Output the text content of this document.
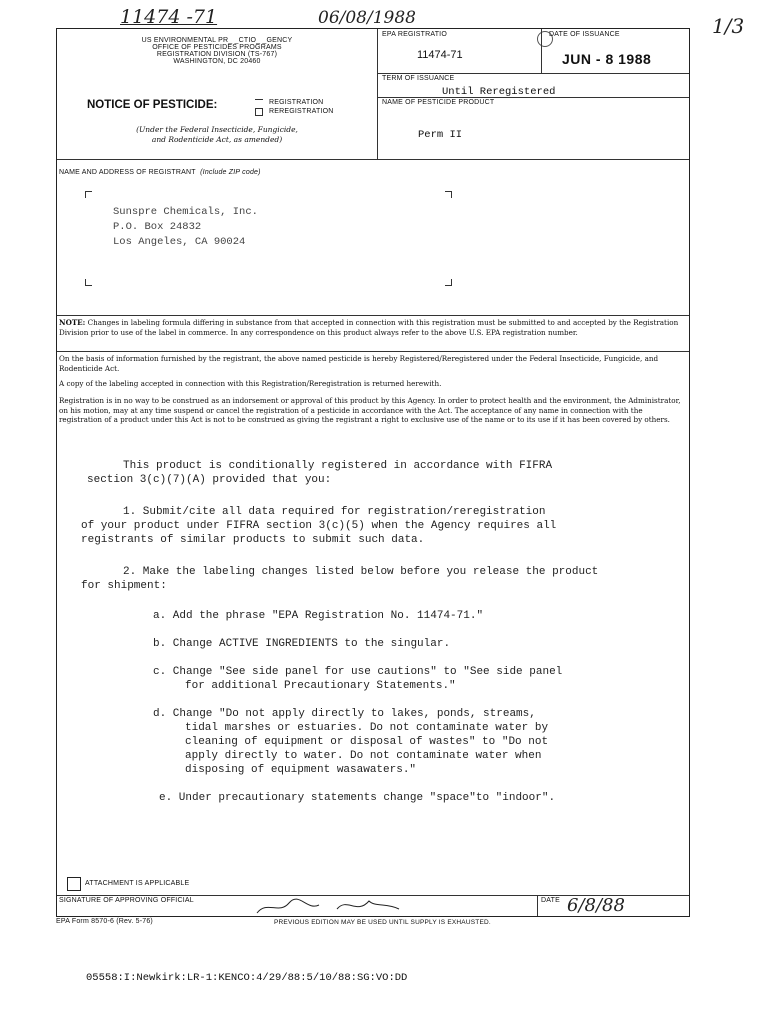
11474 -71	06/08/1988	1/3
US ENVIRONMENTAL PR_ _CTIO_ _GENCY
OFFICE OF PESTICIDES PROGRAMS
REGISTRATION DIVISION (TS-767)
WASHINGTON, DC 20460
NOTICE OF PESTICIDE:	REGISTRATION
REREGISTRATION
(Under the Federal Insecticide, Fungicide,
and Rodenticide Act, as amended)
EPA REGISTRATIO
11474-71
DATE OF ISSUANCE
JUN - 8 1988
TERM OF ISSUANCE
Until Reregistered
NAME OF PESTICIDE PRODUCT
Perm II
NAME AND ADDRESS OF REGISTRANT (Include ZIP code)
Sunspre Chemicals, Inc.
P.O. Box 24832
Los Angeles, CA 90024
NOTE: Changes in labeling formula differing in substance from that accepted in connection with this registration must be submitted to and accepted by the Registration Division prior to use of the label in commerce. In any correspondence on this product always refer to the above U.S. EPA registration number.
On the basis of information furnished by the registrant, the above named pesticide is hereby Registered/Reregistered under the Federal Insecticide, Fungicide, and Rodenticide Act.
A copy of the labeling accepted in connection with this Registration/Reregistration is returned herewith.
Registration is in no way to be construed as an indorsement or approval of this product by this Agency. In order to protect health and the environment, the Administrator, on his motion, may at any time suspend or cancel the registration of a pesticide in accordance with the Act. The acceptance of any name in connection with the registration of a product under this Act is not to be construed as giving the registrant a right to exclusive use of the name or to its use if it has been covered by others.
This product is conditionally registered in accordance with FIFRA
section 3(c)(7)(A) provided that you:
1. Submit/cite all data required for registration/reregistration
of your product under FIFRA section 3(c)(5) when the Agency requires all
registrants of similar products to submit such data.
2. Make the labeling changes listed below before you release the product
for shipment:
a. Add the phrase "EPA Registration No. 11474-71."
b. Change ACTIVE INGREDIENTS to the singular.
c. Change "See side panel for use cautions" to "See side panel
for additional Precautionary Statements."
d. Change "Do not apply directly to lakes, ponds, streams,
tidal marshes or estuaries. Do not contaminate water by
cleaning of equipment or disposal of wastes" to "Do not
apply directly to water. Do not contaminate water when
disposing of equipment wasawaters."
e. Under precautionary statements change "space"to "indoor".
ATTACHMENT IS APPLICABLE
SIGNATURE OF APPROVING OFFICIAL	DATE 6/8/88
EPA Form 8570-6 (Rev. 5-76)	PREVIOUS EDITION MAY BE USED UNTIL SUPPLY IS EXHAUSTED.
05558:I:Newkirk:LR-1:KENCO:4/29/88:5/10/88:SG:VO:DD
